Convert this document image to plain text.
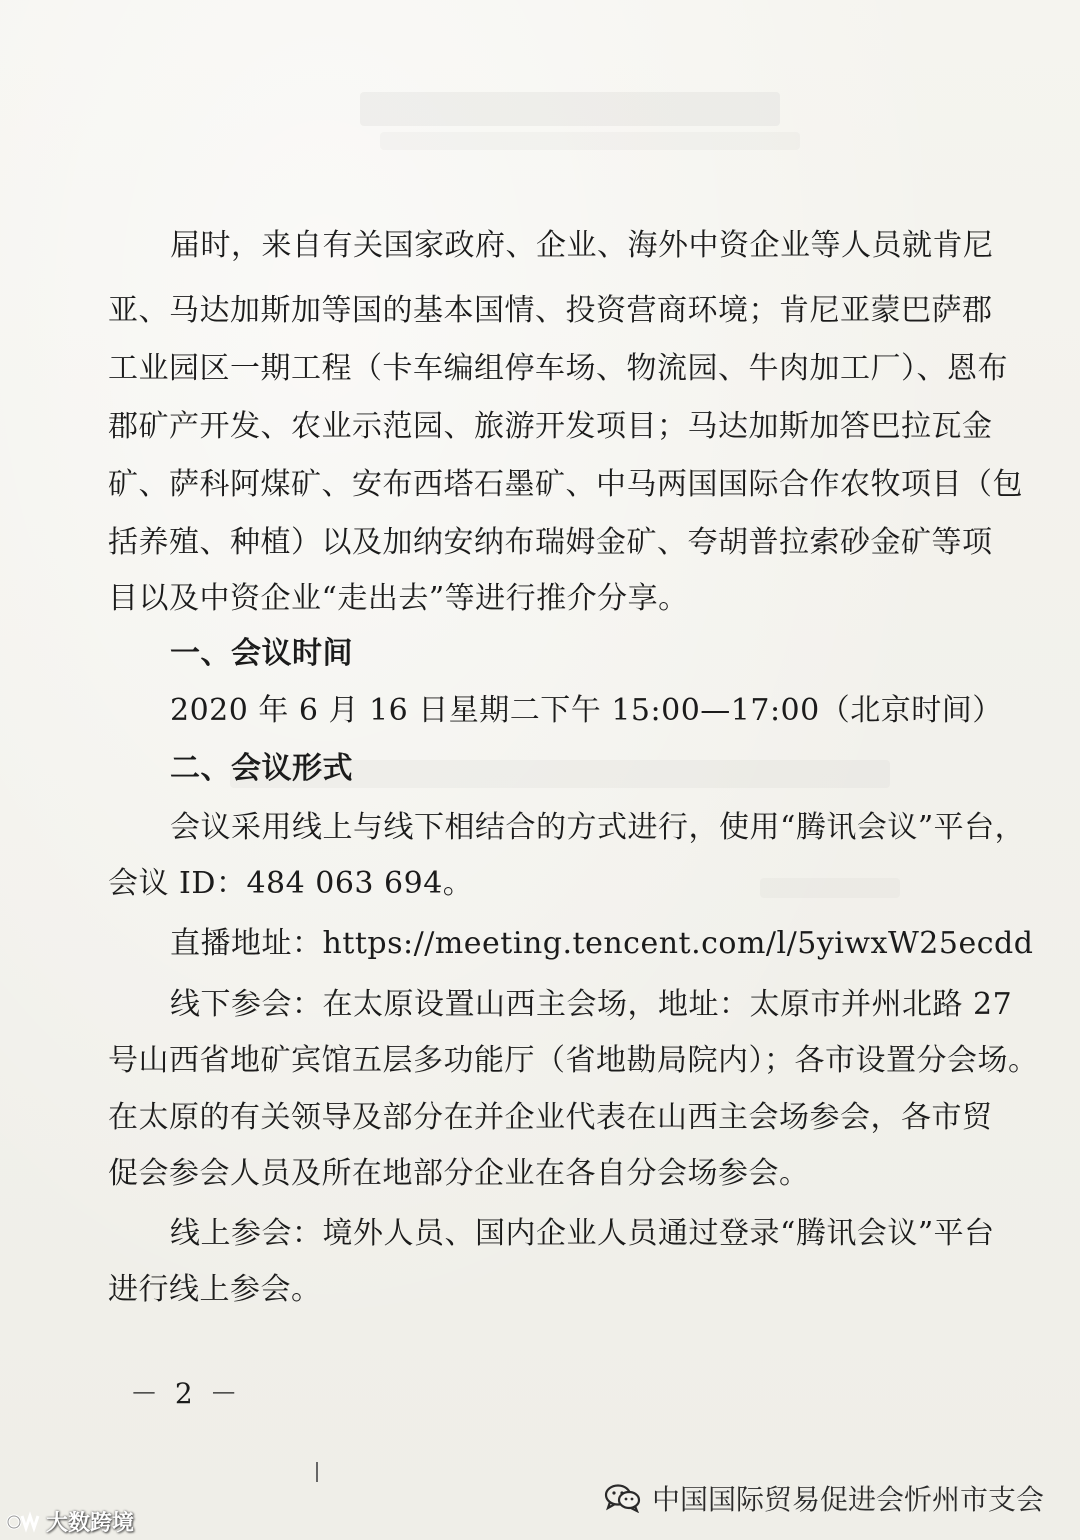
届时，来自有关国家政府、企业、海外中资企业等人员就肯尼
亚、马达加斯加等国的基本国情、投资营商环境；肯尼亚蒙巴萨郡
工业园区一期工程（卡车编组停车场、物流园、牛肉加工厂）、恩布
郡矿产开发、农业示范园、旅游开发项目；马达加斯加答巴拉瓦金
矿、萨科阿煤矿、安布西塔石墨矿、中马两国国际合作农牧项目（包
括养殖、种植）以及加纳安纳布瑞姆金矿、夸胡普拉索砂金矿等项
目以及中资企业“走出去”等进行推介分享。
一、会议时间
2020 年 6 月 16 日星期二下午 15:00—17:00（北京时间）
二、会议形式
会议采用线上与线下相结合的方式进行，使用“腾讯会议”平台，
会议 ID：484 063 694。
直播地址：https://meeting.tencent.com/l/5yiwxW25ecdd
线下参会：在太原设置山西主会场，地址：太原市并州北路 27
号山西省地矿宾馆五层多功能厅（省地勘局院内）；各市设置分会场。
在太原的有关领导及部分在并企业代表在山西主会场参会，各市贸
促会参会人员及所在地部分企业在各自分会场参会。
线上参会：境外人员、国内企业人员通过登录“腾讯会议”平台
进行线上参会。
－ 2 －
中国国际贸易促进会忻州市支会
大数跨境
